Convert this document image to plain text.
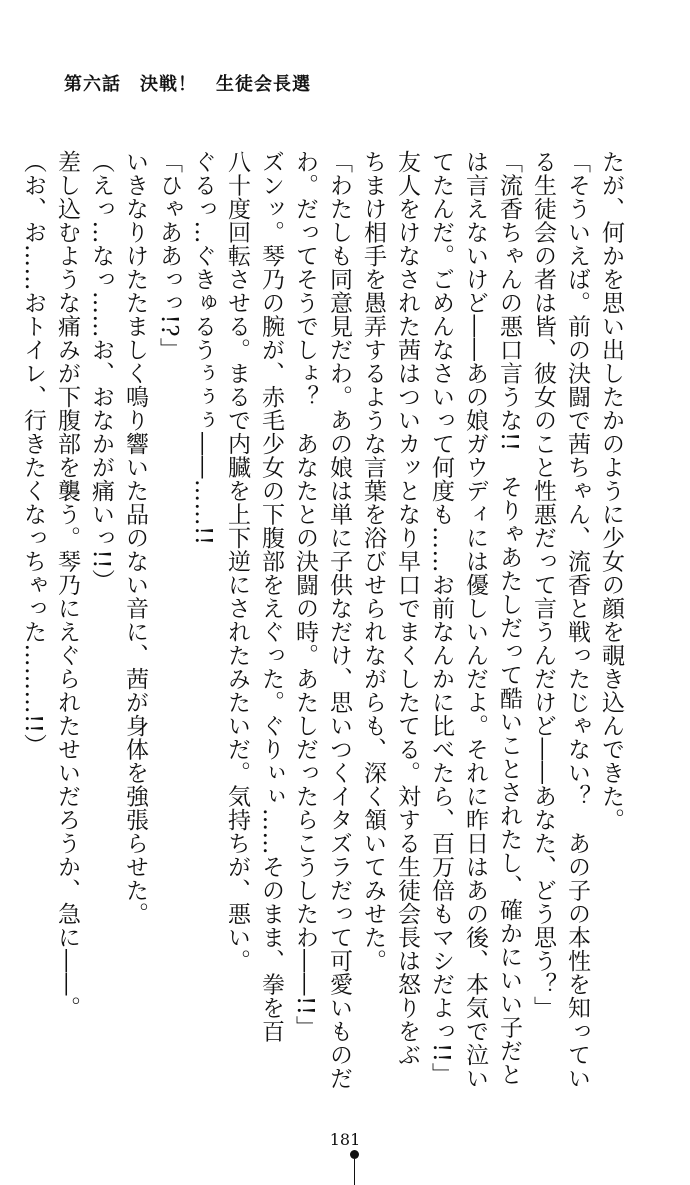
第六話　決戦！　生徒会長選
たが、何かを思い出したかのように少女の顔を覗き込んできた。
「そういえば。前の決闘で茜ちゃん、流香と戦ったじゃない？　あの子の本性を知ってい
る生徒会の者は皆、彼女のこと性悪だって言うんだけど――あなた、どう思う？」
「流香ちゃんの悪口言うな!!　そりゃあたしだって酷いことされたし、確かにいい子だと
は言えないけど――あの娘ガウディには優しいんだよ。それに昨日はあの後、本気で泣い
てたんだ。ごめんなさいって何度も……お前なんかに比べたら、百万倍もマシだよっ!!」
友人をけなされた茜はついカッとなり早口でまくしたてる。対する生徒会長は怒りをぶ
ちまけ相手を愚弄するような言葉を浴びせられながらも、深く頷いてみせた。
「わたしも同意見だわ。あの娘は単に子供なだけ、思いつくイタズラだって可愛いものだ
わ。だってそうでしょ？　あなたとの決闘の時。あたしだったらこうしたわ――!!」
ズンッ。琴乃の腕が、赤毛少女の下腹部をえぐった。ぐりぃぃ……そのまま、拳を百
八十度回転させる。まるで内臓を上下逆にされたみたいだ。気持ちが、悪い。
ぐるっ…ぐきゅるうぅぅぅ――……!!
「ひゃああっっ!?」
いきなりけたたましく鳴り響いた品のない音に、茜が身体を強張らせた。
（えっ…なっ……お、おなかが痛いっ!!）
差し込むような痛みが下腹部を襲う。琴乃にえぐられたせいだろうか、急に――。
（お、お……おトイレ、行きたくなっちゃった………!!）
181
